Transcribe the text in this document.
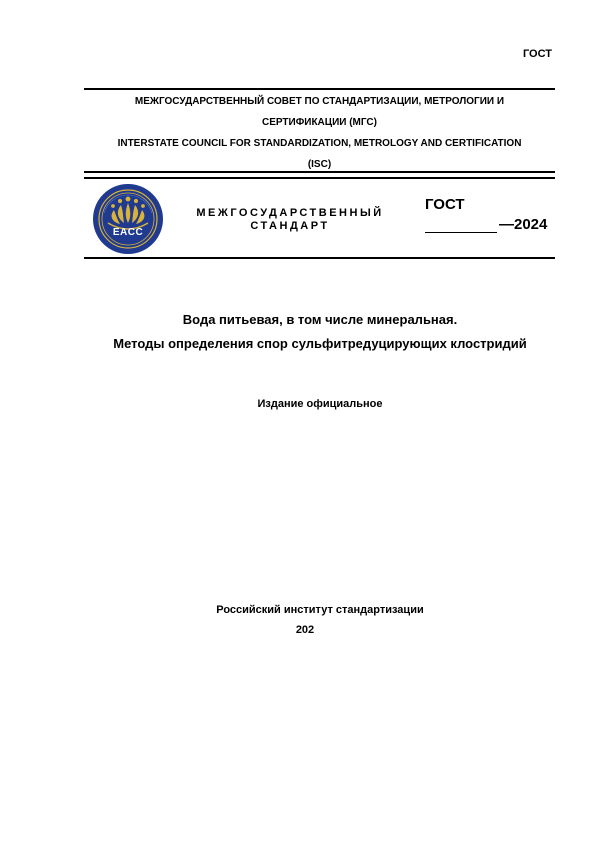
ГОСТ
МЕЖГОСУДАРСТВЕННЫЙ СОВЕТ ПО СТАНДАРТИЗАЦИИ, МЕТРОЛОГИИ И
СЕРТИФИКАЦИИ (МГС)
INTERSTATE COUNCIL FOR STANDARDIZATION, METROLOGY AND CERTIFICATION
(ISC)
EACC
МЕЖГОСУДАРСТВЕННЫЙ
СТАНДАРТ
ГОСТ
—2024
Вода питьевая, в том числе минеральная.
Методы определения спор сульфитредуцирующих клостридий
Издание официальное
Российский институт стандартизации
202
